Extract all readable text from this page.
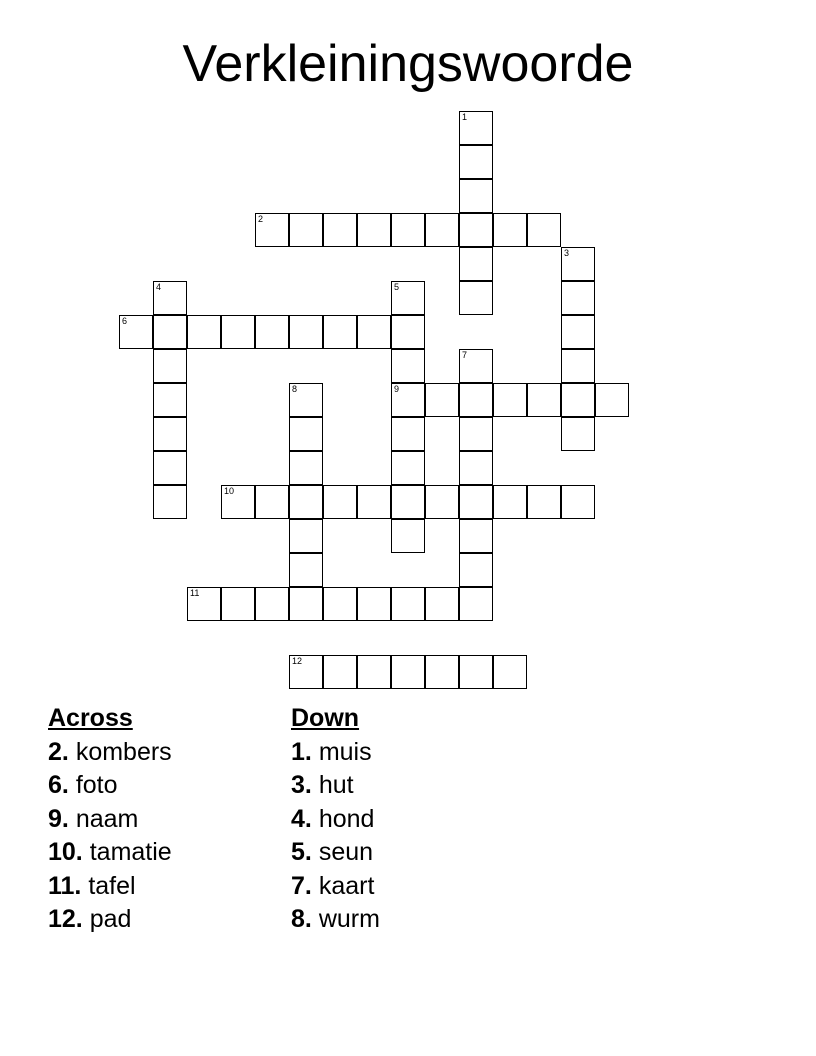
Verkleiningswoorde
1
2
3
4	5
9
6
7
8
10
11
12
Across
2. kombers
6. foto
9. naam
10. tamatie
11. tafel
12. pad
Down
1. muis
3. hut
4. hond
5. seun
7. kaart
8. wurm
